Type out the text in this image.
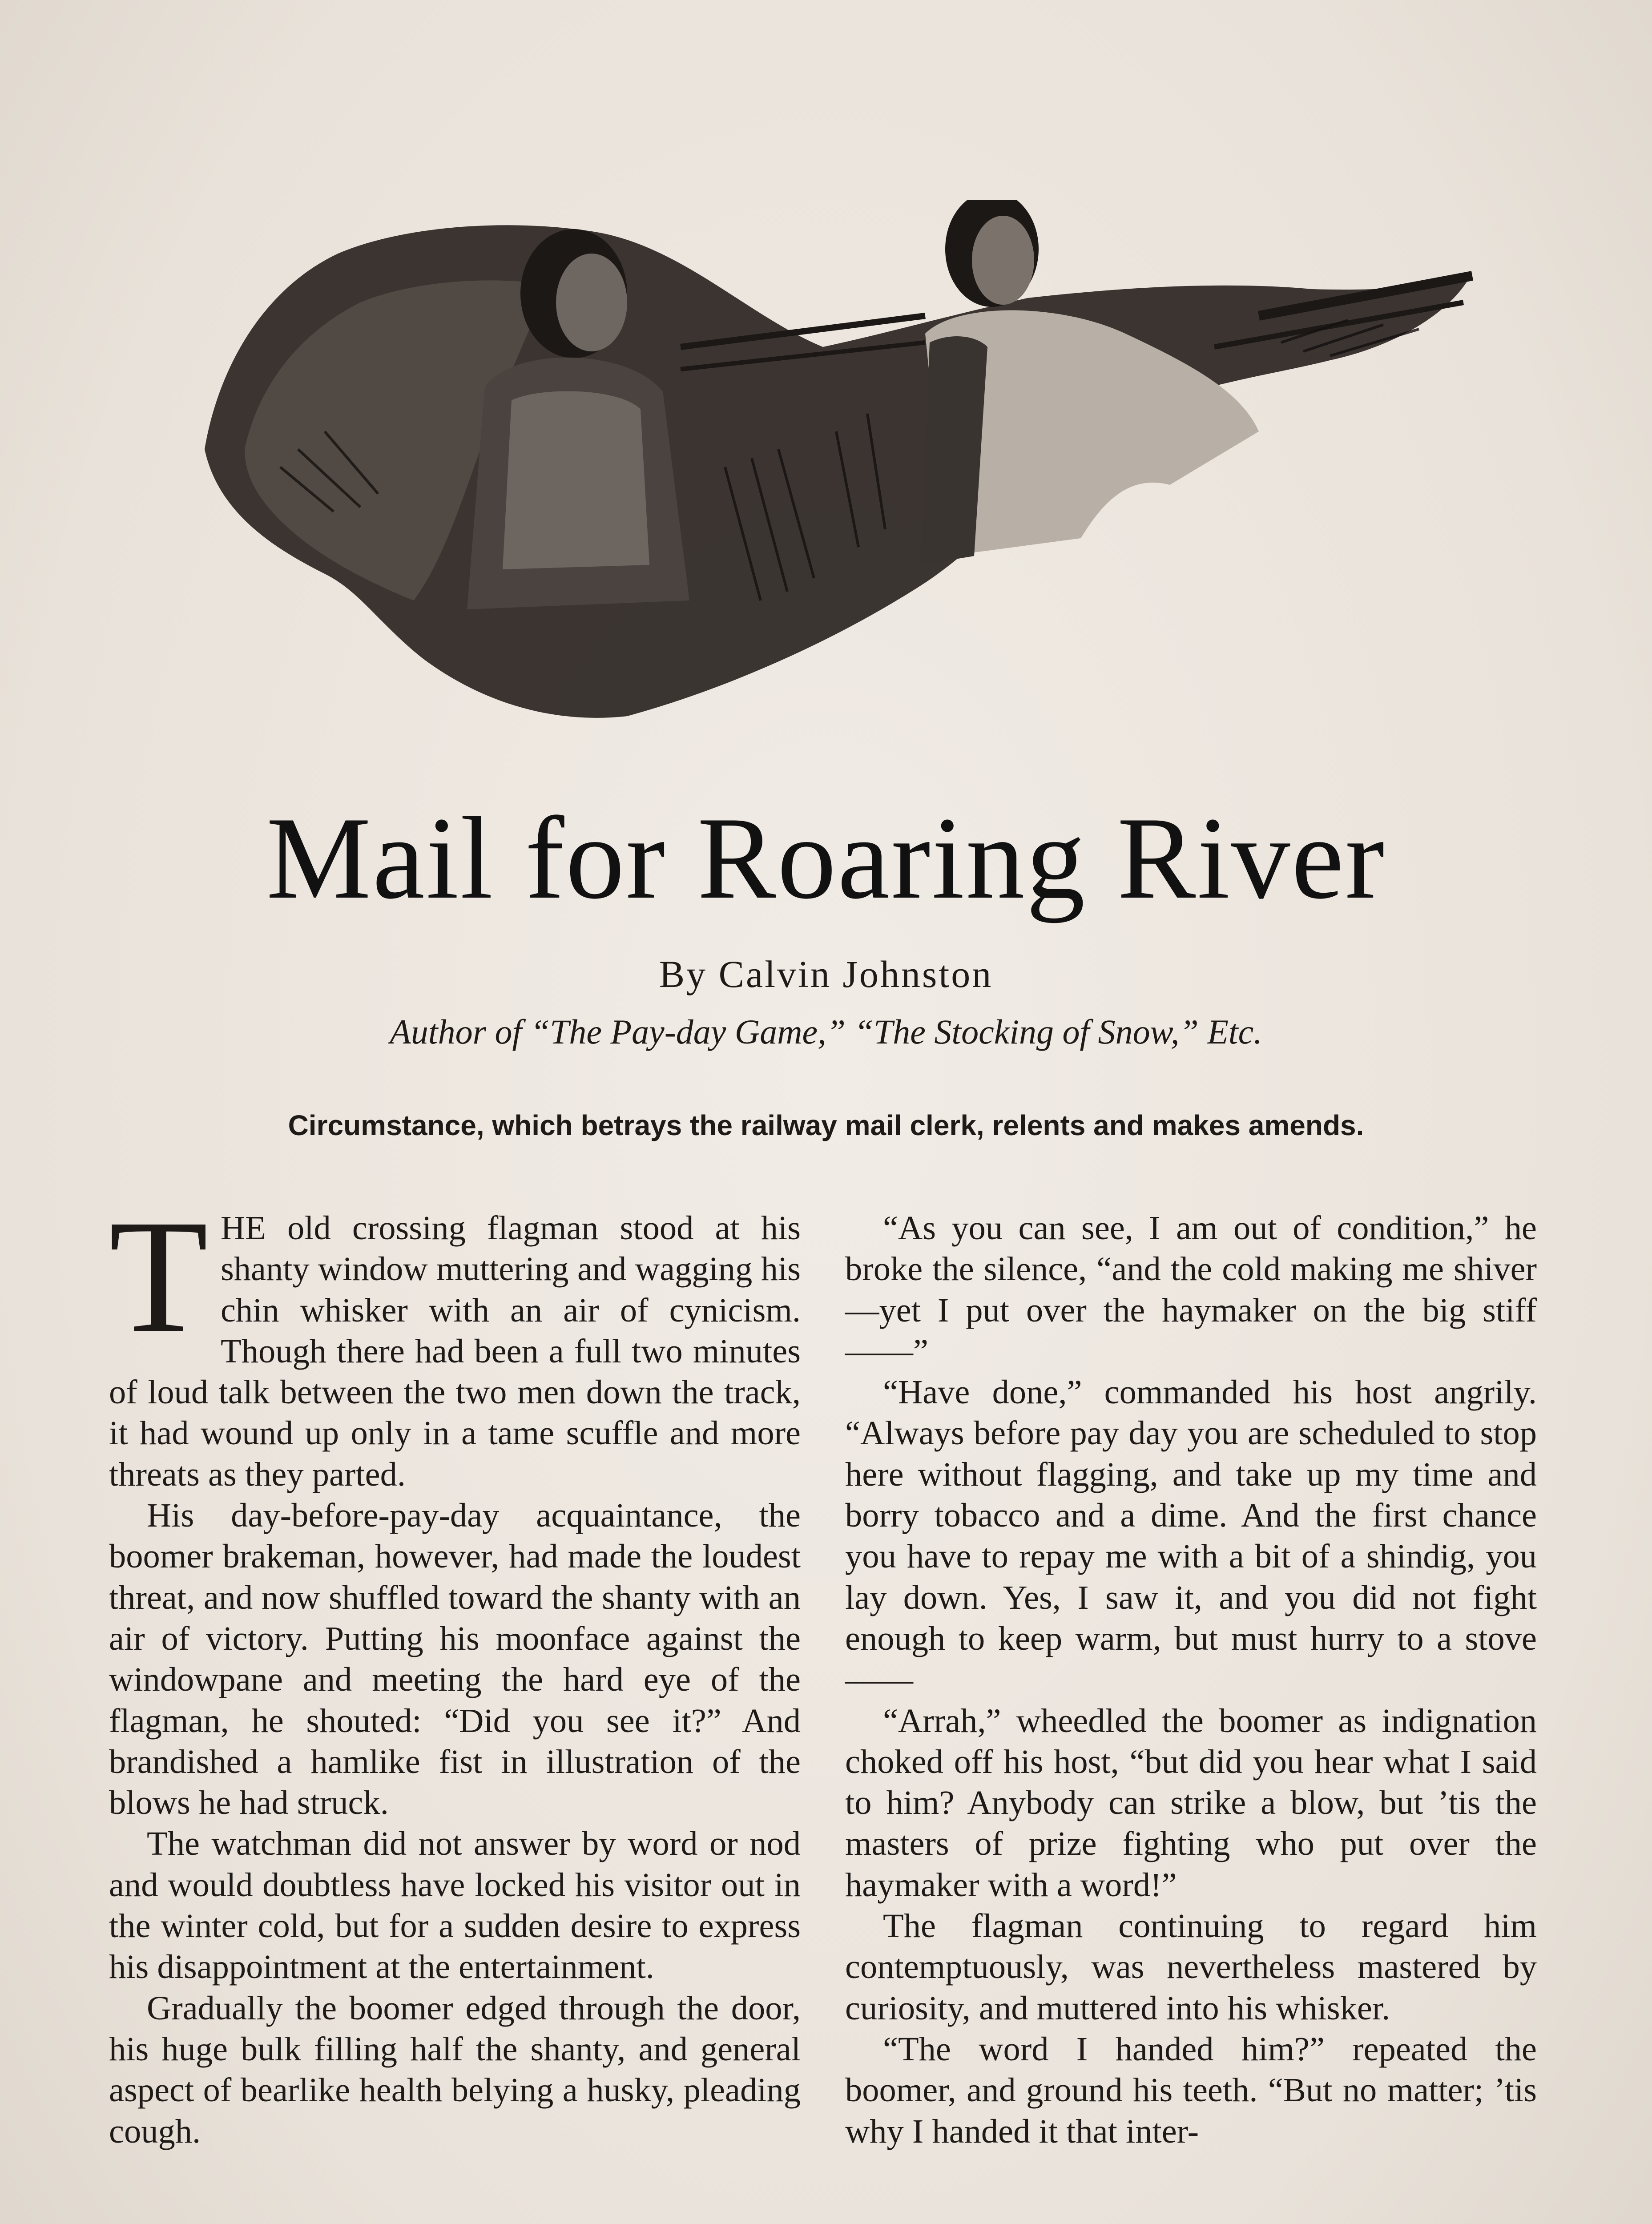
Mail for Roaring River
By Calvin Johnston
Author of “The Pay-day Game,” “The Stocking of Snow,” Etc.
Circumstance, which betrays the railway mail clerk, relents and makes amends.

THE old crossing flagman stood at his shanty window muttering and wagging his chin whisker with an air of cynicism. Though there had been a full two minutes of loud talk between the two men down the track, it had wound up only in a tame scuffle and more threats as they parted.

His day-before-pay-day acquaintance, the boomer brakeman, however, had made the loudest threat, and now shuffled toward the shanty with an air of victory. Putting his moonface against the windowpane and meeting the hard eye of the flagman, he shouted: “Did you see it?” And brandished a hamlike fist in illustration of the blows he had struck.

The watchman did not answer by word or nod and would doubtless have locked his visitor out in the winter cold, but for a sudden desire to express his disappointment at the entertainment.

Gradually the boomer edged through the door, his huge bulk filling half the shanty, and general aspect of bearlike health belying a husky, pleading cough.

“As you can see, I am out of condition,” he broke the silence, “and the cold making me shiver—yet I put over the haymaker on the big stiff——”

“Have done,” commanded his host angrily. “Always before pay day you are scheduled to stop here without flagging, and take up my time and borry tobacco and a dime. And the first chance you have to repay me with a bit of a shindig, you lay down. Yes, I saw it, and you did not fight enough to keep warm, but must hurry to a stove——

“Arrah,” wheedled the boomer as indignation choked off his host, “but did you hear what I said to him? Anybody can strike a blow, but ’tis the masters of prize fighting who put over the haymaker with a word!”

The flagman continuing to regard him contemptuously, was nevertheless mastered by curiosity, and muttered into his whisker.

“The word I handed him?” repeated the boomer, and ground his teeth. “But no matter; ’tis why I handed it that inter-
